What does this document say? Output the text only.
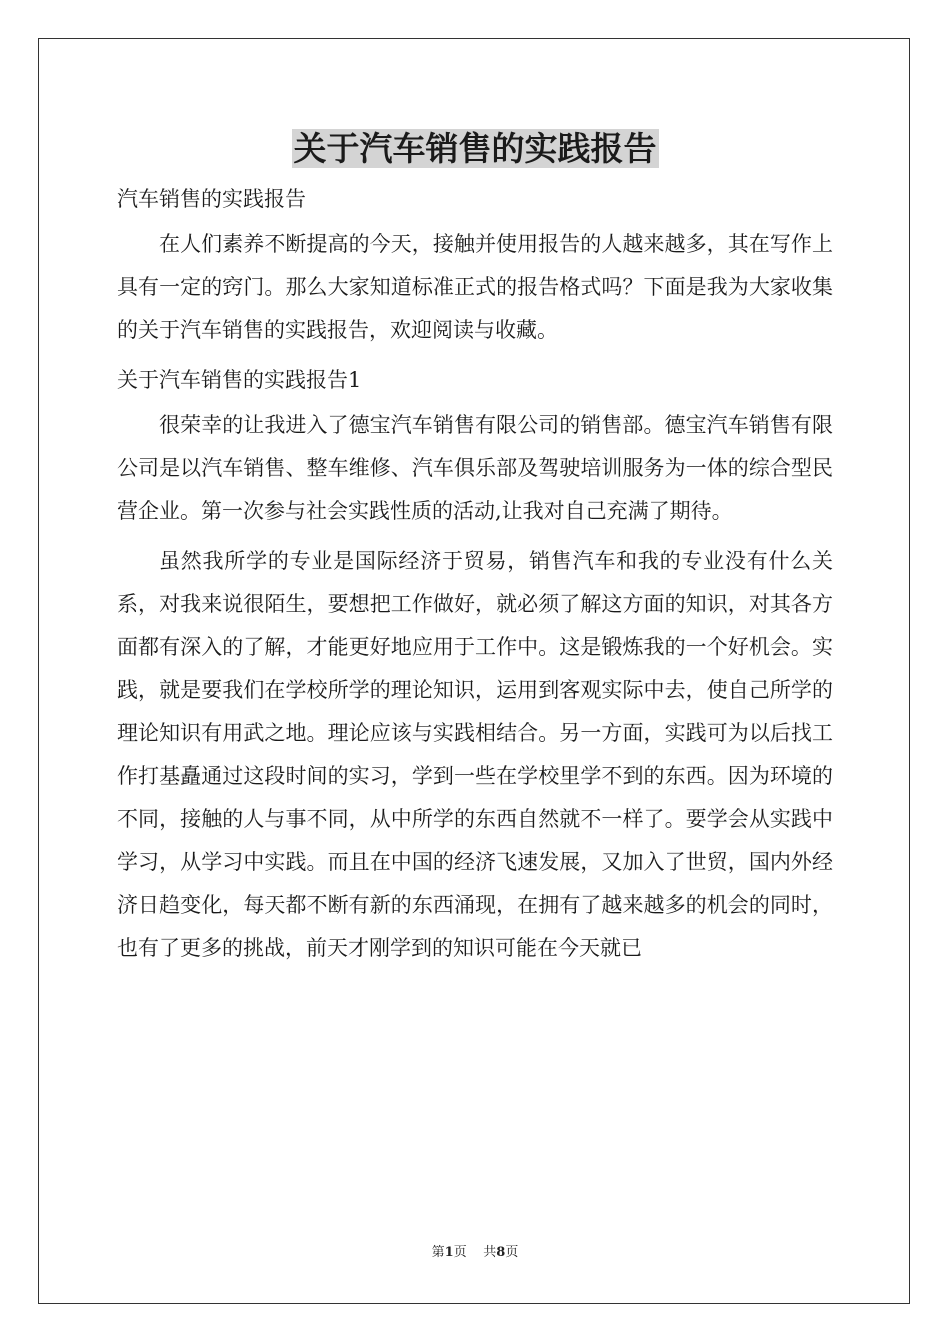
关于汽车销售的实践报告

汽车销售的实践报告

在人们素养不断提高的今天，接触并使用报告的人越来越多，其在写作上具有一定的窍门。那么大家知道标准正式的报告格式吗？下面是我为大家收集的关于汽车销售的实践报告，欢迎阅读与收藏。

关于汽车销售的实践报告1

很荣幸的让我进入了德宝汽车销售有限公司的销售部。德宝汽车销售有限公司是以汽车销售、整车维修、汽车俱乐部及驾驶培训服务为一体的综合型民营企业。第一次参与社会实践性质的活动,让我对自己充满了期待。

虽然我所学的专业是国际经济于贸易，销售汽车和我的专业没有什么关系，对我来说很陌生，要想把工作做好，就必须了解这方面的知识，对其各方面都有深入的了解，才能更好地应用于工作中。这是锻炼我的一个好机会。实践，就是要我们在学校所学的理论知识，运用到客观实际中去，使自己所学的理论知识有用武之地。理论应该与实践相结合。另一方面，实践可为以后找工作打基矗通过这段时间的实习，学到一些在学校里学不到的东西。因为环境的不同，接触的人与事不同，从中所学的东西自然就不一样了。要学会从实践中学习，从学习中实践。而且在中国的经济飞速发展，又加入了世贸，国内外经济日趋变化，每天都不断有新的东西涌现，在拥有了越来越多的机会的同时，也有了更多的挑战，前天才刚学到的知识可能在今天就已

第1页 共8页
